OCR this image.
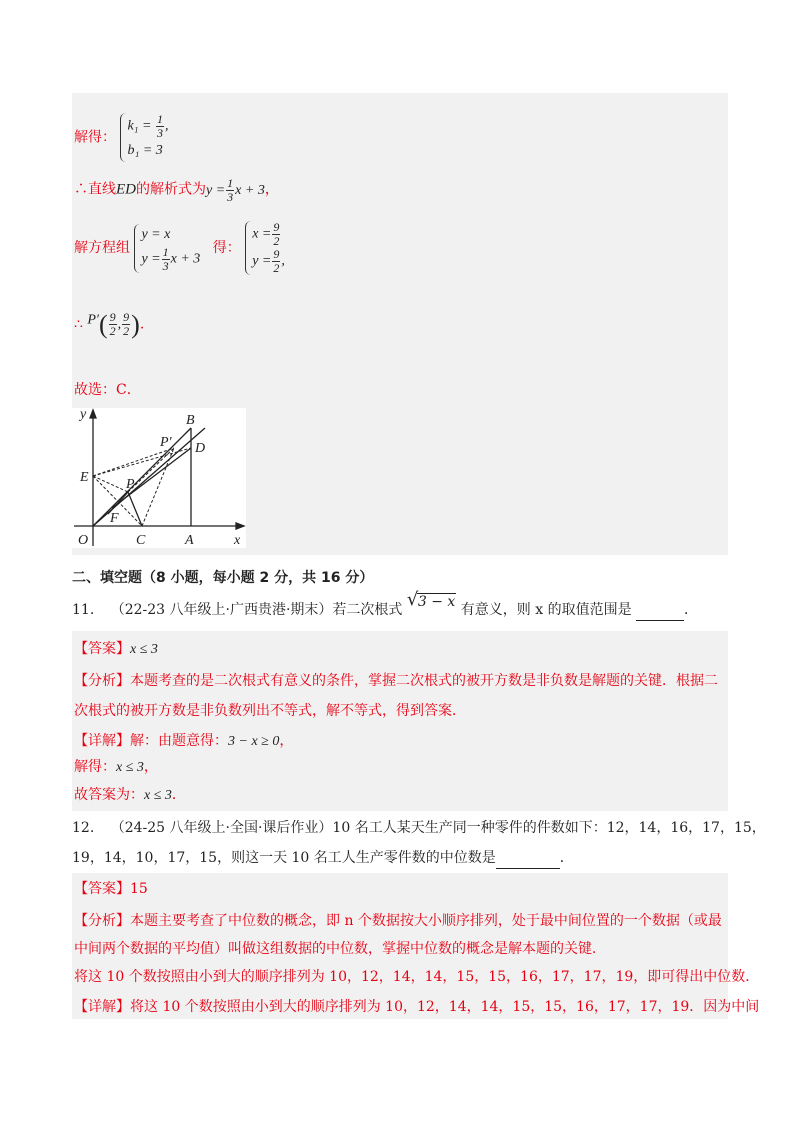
解得：
$k_1 = \frac{1}{3}$ ,
b₁ = 3
∴直线ED的解析式为$y = \frac{1}{3}$ x + 3，
解方程组
y = x
$y = \frac{1}{3}$ x + 3
得：
$x = \frac{9}{2}$
$y = \frac{9}{2}$ ,
∴ $P'( \frac{9}{2}$ , $\frac{9}{2}$ ).
故选：C．
y
x
O	C	A
B
D
E
F
P
P′
二、填空题（8 小题，每小题 2 分，共 16 分）
11. （22-23 八年级上·广西贵港·期末）若二次根式 √ 3 − x 有意义，则 x 的取值范围是	．
【答案】x ≤ 3
【分析】本题考查的是二次根式有意义的条件，掌握二次根式的被开方数是非负数是解题的关键．根据二
次根式的被开方数是非负数列出不等式，解不等式，得到答案．
【详解】解：由题意得：3 − x ≥ 0，
解得：x ≤ 3，
故答案为：x ≤ 3．
12. （24-25 八年级上·全国·课后作业）10 名工人某天生产同一种零件的件数如下：12，14，16，17，15，
19，14，10，17，15，则这一天 10 名工人生产零件数的中位数是	．
【答案】15
【分析】本题主要考查了中位数的概念，即 n 个数据按大小顺序排列，处于最中间位置的一个数据（或最
中间两个数据的平均值）叫做这组数据的中位数，掌握中位数的概念是解本题的关键．
将这 10 个数按照由小到大的顺序排列为 10，12，14，14，15，15，16，17，17，19，即可得出中位数．
【详解】将这 10 个数按照由小到大的顺序排列为 10，12，14，14，15，15，16，17，17，19．因为中间
